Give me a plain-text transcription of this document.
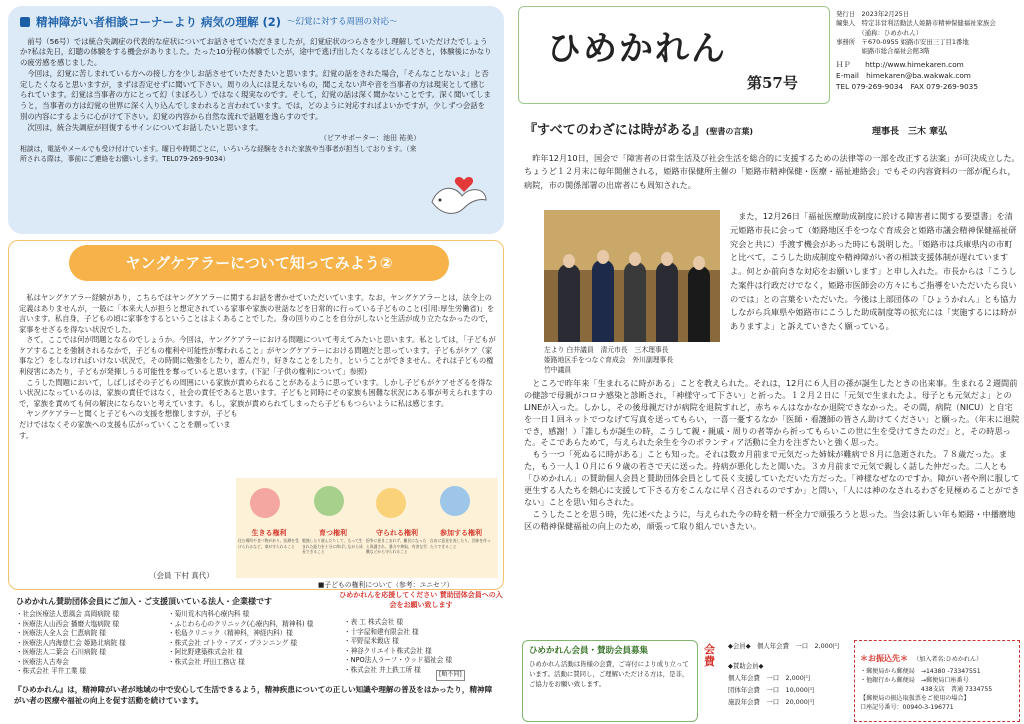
精神障がい者相談コーナーより 病気の理解 (2) ～幻覚に対する周囲の対応～

前号（56号）では統合失調症の代表的な症状についてお話させていただきましたが，幻覚症状のつらさを少し理解していただけたでしょうか?私は先日，幻聴の体験をする機会がありました。たった10分程の体験でしたが，途中で逃げ出したくなるほどしんどさと，体験後にかなりの疲労感を感じました。

今回は，幻覚に苦しまれている方への接し方を少しお話させていただきたいと思います。幻覚の話をされた場合，「そんなことないよ」と否定したくなると思いますが，まずは否定せずに聞いて下さい。周りの人には見えないもの，聞こえない声や音を当事者の方は現実として感じられています。幻覚は当事者の方にとって幻（まぼろし）ではなく現実なのです。そして，幻覚の話は深く聞かないことです。深く聞いてしまうと，当事者の方は幻覚の世界に深く入り込んでしまわれると言われています。では，どのように対応すればよいかですが，少しずつ会話を別の内容にするように心がけて下さい。幻覚の内容から自然な流れで話題を逸らすのです。

次回は，統合失調症が回復するサインについてお話したいと思います。

（ピアサポーター：池田 祐美）
相談は，電話やメールでも受け付けています。曜日や時間ごとに，いろいろな経験をされた家族や当事者が担当しております。（来所される際は，事前にご連絡をお願いします。TEL079-269-9034）
ヤングケアラーについて知ってみよう②

私はヤングケアラー経験があり，こちらではヤングケアラーに関するお話を書かせていただいています。なお，ヤングケアラーとは，法令上の定義はありませんが，一般に「本来大人が担うと想定されている家事や家族の世話などを日常的に行っている子どものこと(引用:厚生労働省)」を言います。私自身，子どもの頃に家事をするということはよくあることでした。身の回りのことを自分がしないと生活が成り立たなかったので，家事をせざるを得ない状況でした。

さて，ここでは何が問題となるのでしょうか。今回は，ヤングケアラーにおける問題について考えてみたいと思います。私としては，「子どもがケアすることを強制されるなかで，子どもの権利や可能性が奪われること」がヤングケアラーにおける問題だと思っています。子どもがケア（家事など）をしなければいけない状況で，その時間に勉強をしたり，遊んだり，好きなことをしたり，ということができません。それは子どもの権利侵害にあたり，子どもが発揮しうる可能性を奪っていると思います。(下記「子供の権利について」参照)

こうした問題において，しばしばその子どもの周囲にいる家族が責められることがあるように思っています。しかし子どもがケアせざるを得ない状況になっているのは，家族の責任ではなく，社会の責任であると思います。子どもと同時にその家族も困難な状況にある事が考えられますので，家族を責めても何の解決にならないと考えています。もし，家族が責められてしまったら子どももつらいように私は感じます。

ヤングケアラーと聞くと子どもへの支援を想像しますが，子どもだけではなくその家族への支援も広がっていくことを願っています。

（会員 下村 真代）
生きる権利
住む場所や食べ物があり，医療を受けられるなど，命が守られること
育つ権利
勉強したり遊んだりして，もって生まれた能力を十分に伸ばしながら成長できること
守られる権利
紛争に巻きこまれず，難民になったら保護され，暴力や搾取，有害な労働などから守られること
参加する権利
自由に意見を表したり，団体を作ったりできること
■子どもの権利について（参考：ユニセフ）
ひめかれん賛助団体会員にご加入・ご支援頂いている法人・企業様です
ひめかれんを応援してください 賛助団体会員への入会をお願い致します
・社会医療法人恵風会 高岡病院 様
・医療法人山西会 播磨大塩病院 様
・医療法人全人会 仁恵病院 様
・医療法人内海慈仁会 姫路北病院 様
・医療法人二葉会 石川病院 様
・医療法人古寿会
・株式会社 平井工業 様
・菊川荒木内科心療内科 様
・ふじわら心のクリニック(心療内科，精神科) 様
・松島クリニック（精神科，神経内科）様
・株式会社 ゴトウ・アズ・プランニング 様
・阿比野建築株式会社 様
・株式会社 坪田工務店 様
・表 工 株式会社 様
・十字屋和建有限会社 様
・平野屋米穀店 様
・神谷クリエイト株式会社 様
・NPO法人ラーフ・ウッド福祉会 様
・株式会社 井上鉄工所 様
[順不同]
『ひめかれん』は，精神障がい者が地域の中で安心して生活できるよう，精神疾患についての正しい知識や理解の普及をはかったり，精神障がい者の医療や福祉の向上を促す活動を続けています。
ひめかれん
第57号
発行日　2023年2月25日
編集人　特定非営利活動法人姫路市精神保健福祉家族会
　　　　（通称：ひめかれん）
事務所　〒670-0955 姫路市安田三丁目1番地
　　　　姫路市総合福祉会館3階
ＨＰ　　http://www.himekaren.com
E-mail　himekaren@ba.wakwak.com
TEL 079-269-9034　FAX 079-269-9035
『すべてのわざには時がある』(聖書の言葉)	理事長　三木 章弘

昨年12月10日，国会で「障害者の日常生活及び社会生活を総合的に支援するための法律等の一部を改正する法案」が可決成立した。ちょうど１２月末に毎年開催される，姫路市保健所主催の「姫路市精神保健・医療・福祉連絡会」でもその内容資料の一部が配られ，病院，市の関係部署の出席者にも周知された。

左より 白井議員　清元市長　三木理事長
姫路地区手をつなぐ育成会　外川副理事長
竹中議員

また，12月26日「福祉医療助成制度に於ける障害者に関する要望書」を清元姫路市長に会って（姫路地区手をつなぐ育成会と姫路市議会精神保健福祉研究会と共に）手渡す機会があった時にも説明した。「姫路市は兵庫県内の市町と比べて，こうした助成制度や精神障がい者の相談支援体制が遅れていますよ。何とか前向きな対応をお願いします」と申し入れた。市長からは「こうした案件は行政だけでなく，姫路市医師会の方々にもご指導をいただいたら良いのでは」との言葉をいただいた。今後は上部団体の「ひょうかれん」とも協力しながら兵庫県や姫路市にこうした助成制度等の拡充には「実施するには時がありますよ」と訴えていきたく願っている。

ところで昨年来「生まれるに時がある」ことを教えられた。それは，12月に６人目の孫が誕生したときの出来事。生まれる２週間前の健診で母親がコロナ感染と診断され，「神様守って下さい」と祈った。１２月２日に「元気で生まれたよ。母子とも元気だよ」とのLINEが入った。しかし，その後母親だけが病院を退院すれど，赤ちゃんはなかなか退院できなかった。その間，病院（NICU）と自宅を一日１回ネットでつなげて写真を送ってもらい，一喜一憂するなか「医師・看護師の皆さん助けてください」と願った。（年末に退院でき，感謝！）「誰しもが誕生の時，こうして親・親戚・周りの者等から祈ってもらいこの世に生を受けてきたのだ」と，その時思った。そこであらためて，与えられた余生を今のボランティア活動に全力を注ぎたいと強く思った。

もう一つ「死ぬるに時がある」ことも知った。それは数カ月前まで元気だった姉妹が難病で８月に急逝された。７８歳だった。また，もう一人１０月に６９歳の若さで天に送った。持病が悪化したと聞いた。３カ月前まで元気で親しく話した仲だった。二人とも「ひめかれん」の賛助個人会員と賛助団体会員として長く支援していただいた方だった。「神様なぜなのですか。障がい者や刑に服して更生する人たちを熱心に支援して下さる方をこんなに早く召されるのですか」と問い，「人には神のなされるわざを見極めることができない」ことを思い知らされた。

こうしたことを思う時，先に述べたように，与えられた今の時を精一杯全力で頑張ろうと思った。当会は新しい年も姫路・中播磨地区の精神保健福祉の向上のため，頑張って取り組んでいきたい。

ひめかれん会員・賛助会員募集
ひめかれん活動は皆様の会費，ご寄付により成り立っています。活動に賛同し，ご理解いただける方は，是非，ご協力をお願い致します。
会費
◆会員◆　個人年会費　一口　2,000円
◆賛助会員◆
個人年会費　一口　2,000円
団体年会費　一口　10,000円
施設年会費　一口　20,000円
＊お振込先＊ （加入者名:ひめかれん）
・郵便局から郵便局　→14380 -73347551
・他銀行から郵便局　→郵便局口座番号
　　　　　　　　　　438支店　普通 7334755
【郵便局の振込取扱票をご使用の場合】
口座記号番号：00940-3-196771
